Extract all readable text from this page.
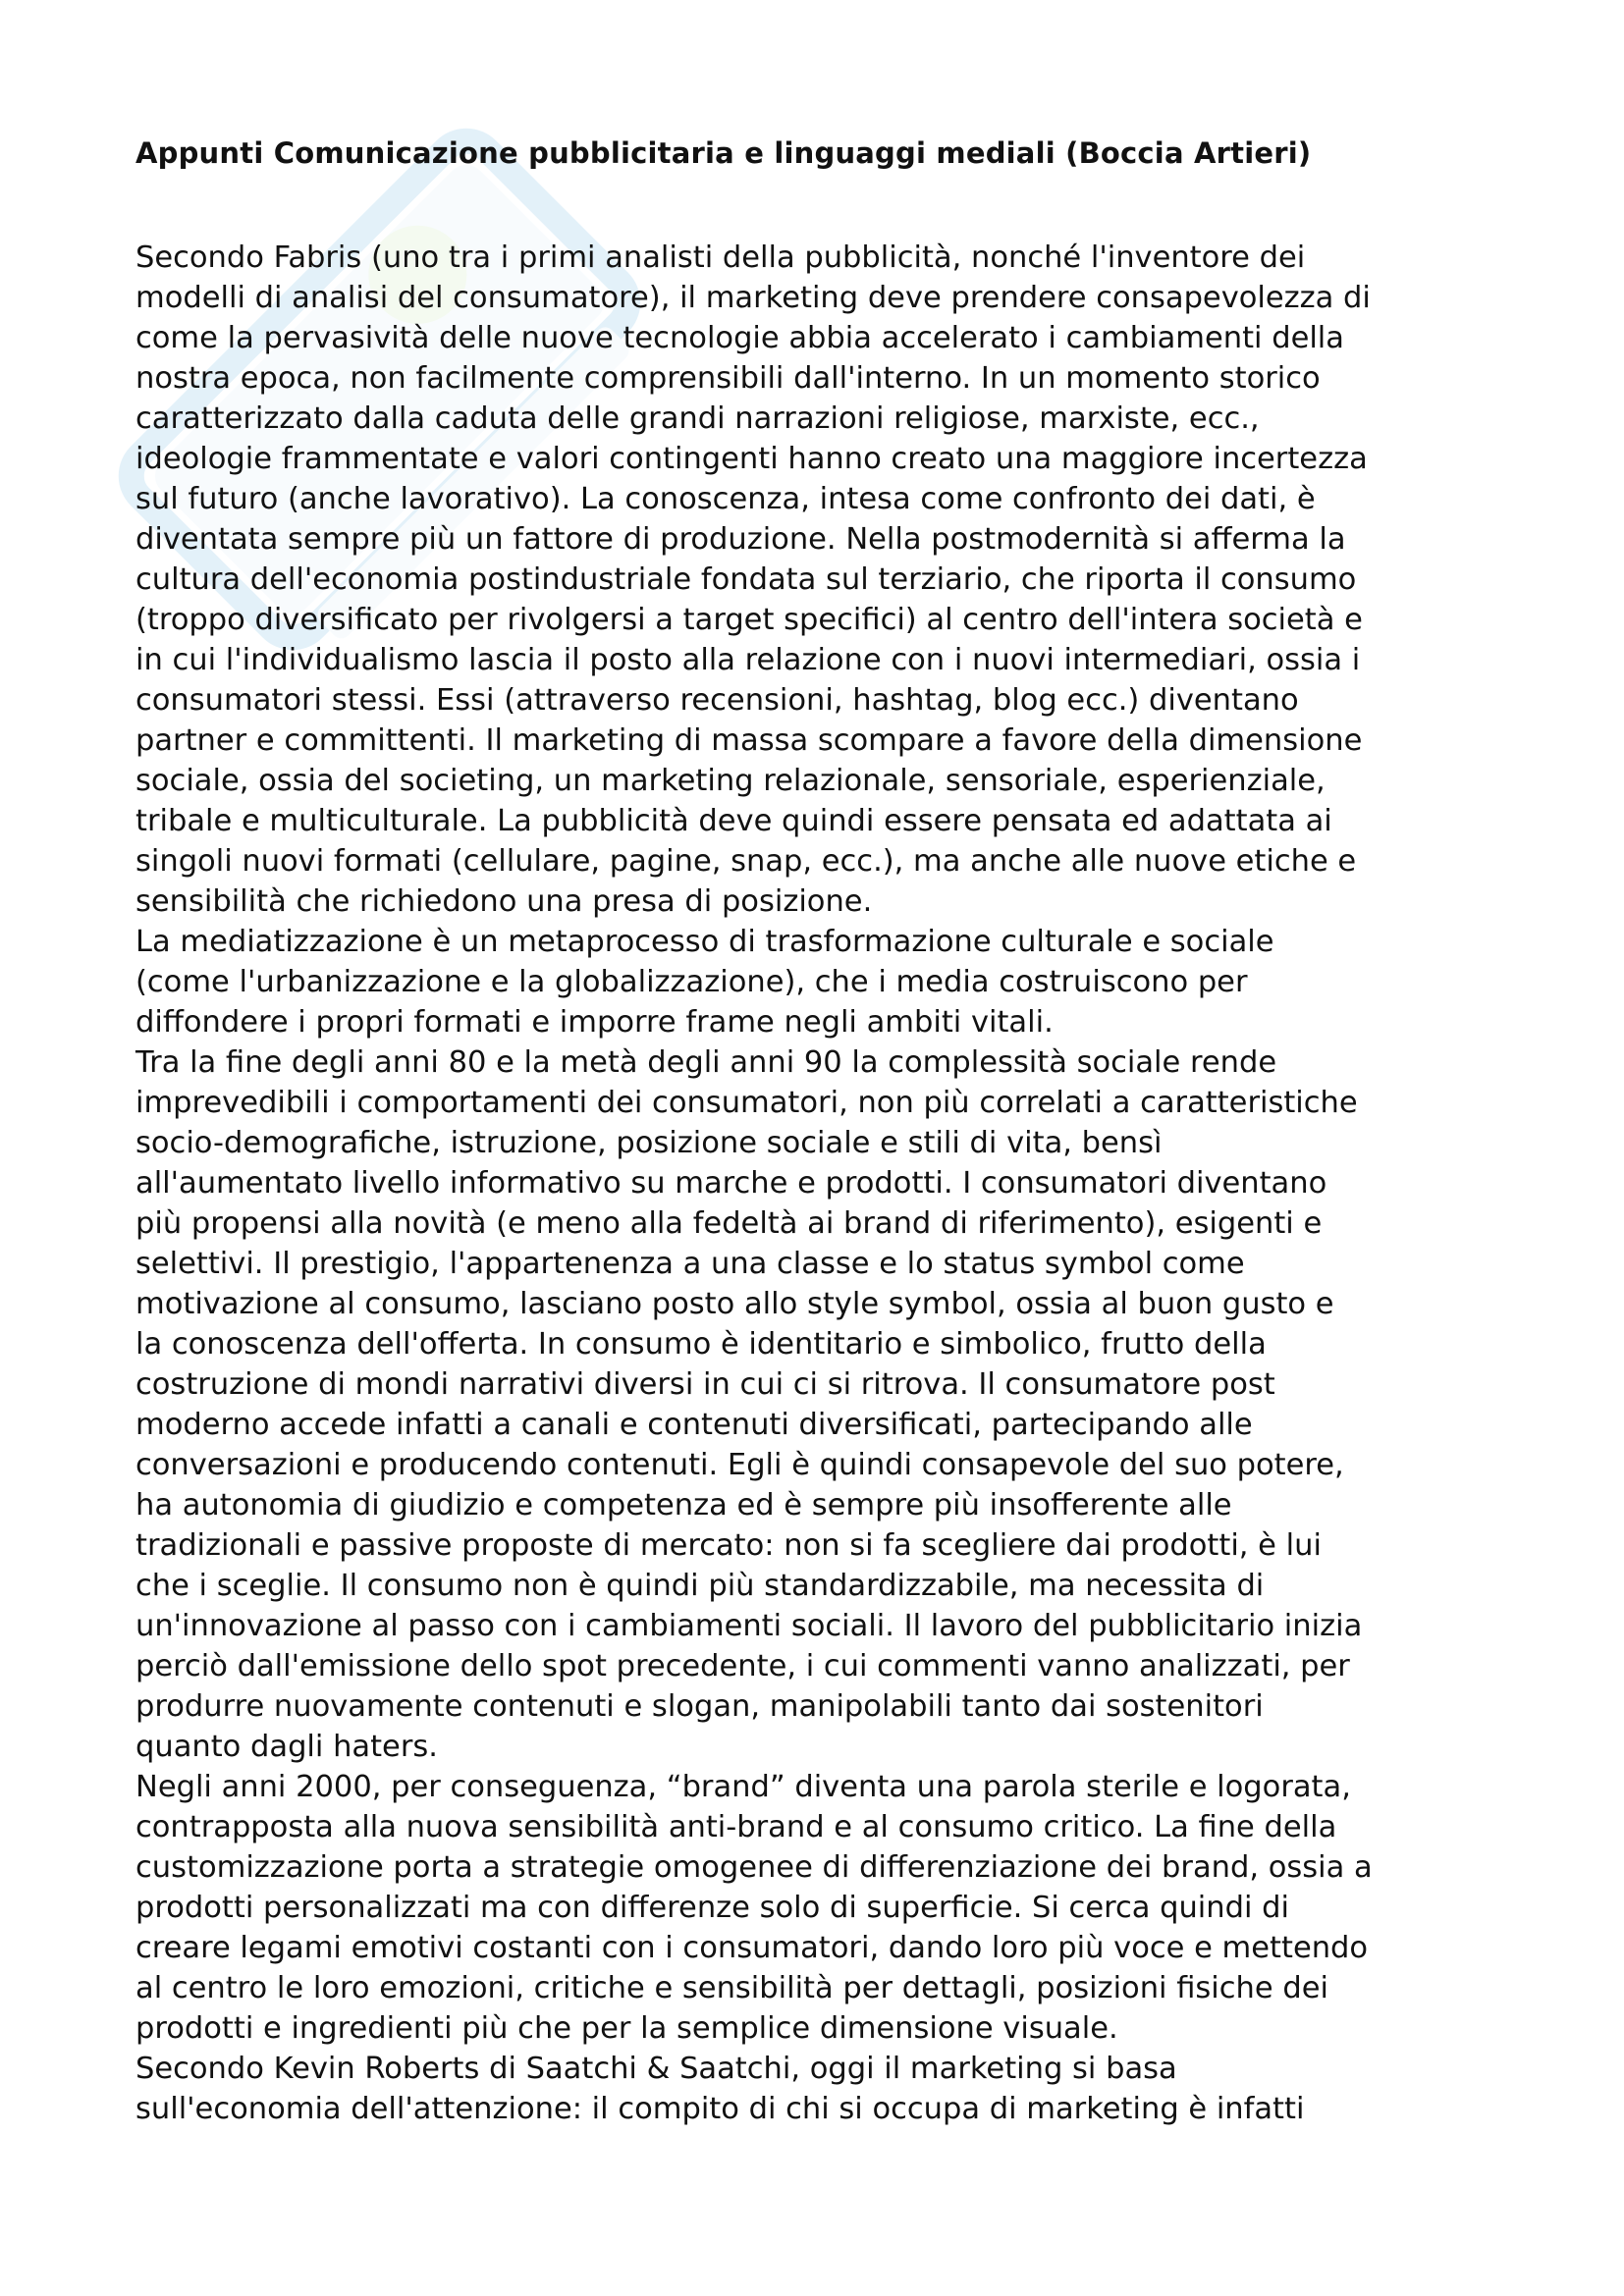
Appunti Comunicazione pubblicitaria e linguaggi mediali (Boccia Artieri)

Secondo Fabris (uno tra i primi analisti della pubblicità, nonché l'inventore dei
modelli di analisi del consumatore), il marketing deve prendere consapevolezza di
come la pervasività delle nuove tecnologie abbia accelerato i cambiamenti della
nostra epoca, non facilmente comprensibili dall'interno. In un momento storico
caratterizzato dalla caduta delle grandi narrazioni religiose, marxiste, ecc.,
ideologie frammentate e valori contingenti hanno creato una maggiore incertezza
sul futuro (anche lavorativo). La conoscenza, intesa come confronto dei dati, è
diventata sempre più un fattore di produzione. Nella postmodernità si afferma la
cultura dell'economia postindustriale fondata sul terziario, che riporta il consumo
(troppo diversificato per rivolgersi a target specifici) al centro dell'intera società e
in cui l'individualismo lascia il posto alla relazione con i nuovi intermediari, ossia i
consumatori stessi. Essi (attraverso recensioni, hashtag, blog ecc.) diventano
partner e committenti. Il marketing di massa scompare a favore della dimensione
sociale, ossia del societing, un marketing relazionale, sensoriale, esperienziale,
tribale e multiculturale. La pubblicità deve quindi essere pensata ed adattata ai
singoli nuovi formati (cellulare, pagine, snap, ecc.), ma anche alle nuove etiche e
sensibilità che richiedono una presa di posizione.

La mediatizzazione è un metaprocesso di trasformazione culturale e sociale
(come l'urbanizzazione e la globalizzazione), che i media costruiscono per
diffondere i propri formati e imporre frame negli ambiti vitali.

Tra la fine degli anni 80 e la metà degli anni 90 la complessità sociale rende
imprevedibili i comportamenti dei consumatori, non più correlati a caratteristiche
socio-demografiche, istruzione, posizione sociale e stili di vita, bensì
all'aumentato livello informativo su marche e prodotti. I consumatori diventano
più propensi alla novità (e meno alla fedeltà ai brand di riferimento), esigenti e
selettivi. Il prestigio, l'appartenenza a una classe e lo status symbol come
motivazione al consumo, lasciano posto allo style symbol, ossia al buon gusto e
la conoscenza dell'offerta. In consumo è identitario e simbolico, frutto della
costruzione di mondi narrativi diversi in cui ci si ritrova. Il consumatore post
moderno accede infatti a canali e contenuti diversificati, partecipando alle
conversazioni e producendo contenuti. Egli è quindi consapevole del suo potere,
ha autonomia di giudizio e competenza ed è sempre più insofferente alle
tradizionali e passive proposte di mercato: non si fa scegliere dai prodotti, è lui
che i sceglie. Il consumo non è quindi più standardizzabile, ma necessita di
un'innovazione al passo con i cambiamenti sociali. Il lavoro del pubblicitario inizia
perciò dall'emissione dello spot precedente, i cui commenti vanno analizzati, per
produrre nuovamente contenuti e slogan, manipolabili tanto dai sostenitori
quanto dagli haters.

Negli anni 2000, per conseguenza, “brand” diventa una parola sterile e logorata,
contrapposta alla nuova sensibilità anti-brand e al consumo critico. La fine della
customizzazione porta a strategie omogenee di differenziazione dei brand, ossia a
prodotti personalizzati ma con differenze solo di superficie. Si cerca quindi di
creare legami emotivi costanti con i consumatori, dando loro più voce e mettendo
al centro le loro emozioni, critiche e sensibilità per dettagli, posizioni fisiche dei
prodotti e ingredienti più che per la semplice dimensione visuale.

Secondo Kevin Roberts di Saatchi & Saatchi, oggi il marketing si basa
sull'economia dell'attenzione: il compito di chi si occupa di marketing è infatti
